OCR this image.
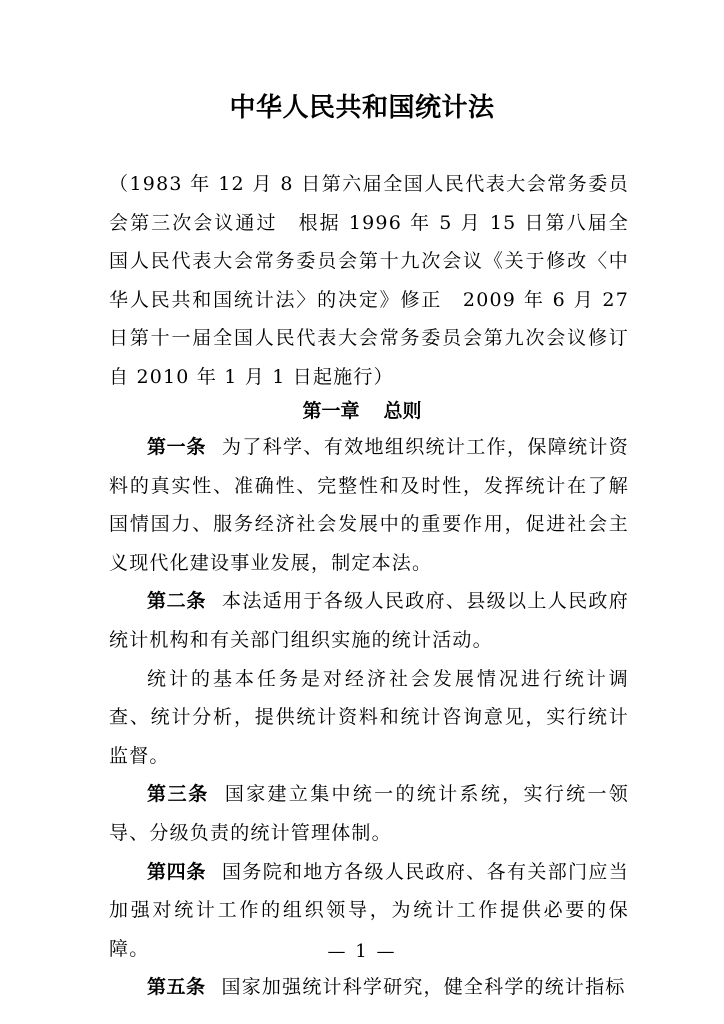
中华人民共和国统计法
（1983 年 12 月 8 日第六届全国人民代表大会常务委员会第三次会议通过　根据 1996 年 5 月 15 日第八届全国人民代表大会常务委员会第十九次会议《关于修改〈中华人民共和国统计法〉的决定》修正　2009 年 6 月 27 日第十一届全国人民代表大会常务委员会第九次会议修订自 2010 年 1 月 1 日起施行）
第一章 总则

第一条 为了科学、有效地组织统计工作，保障统计资料的真实性、准确性、完整性和及时性，发挥统计在了解国情国力、服务经济社会发展中的重要作用，促进社会主义现代化建设事业发展，制定本法。

第二条 本法适用于各级人民政府、县级以上人民政府统计机构和有关部门组织实施的统计活动。

统计的基本任务是对经济社会发展情况进行统计调查、统计分析，提供统计资料和统计咨询意见，实行统计监督。

第三条 国家建立集中统一的统计系统，实行统一领导、分级负责的统计管理体制。

第四条 国务院和地方各级人民政府、各有关部门应当加强对统计工作的组织领导，为统计工作提供必要的保障。

第五条 国家加强统计科学研究，健全科学的统计指标

— 1 —
